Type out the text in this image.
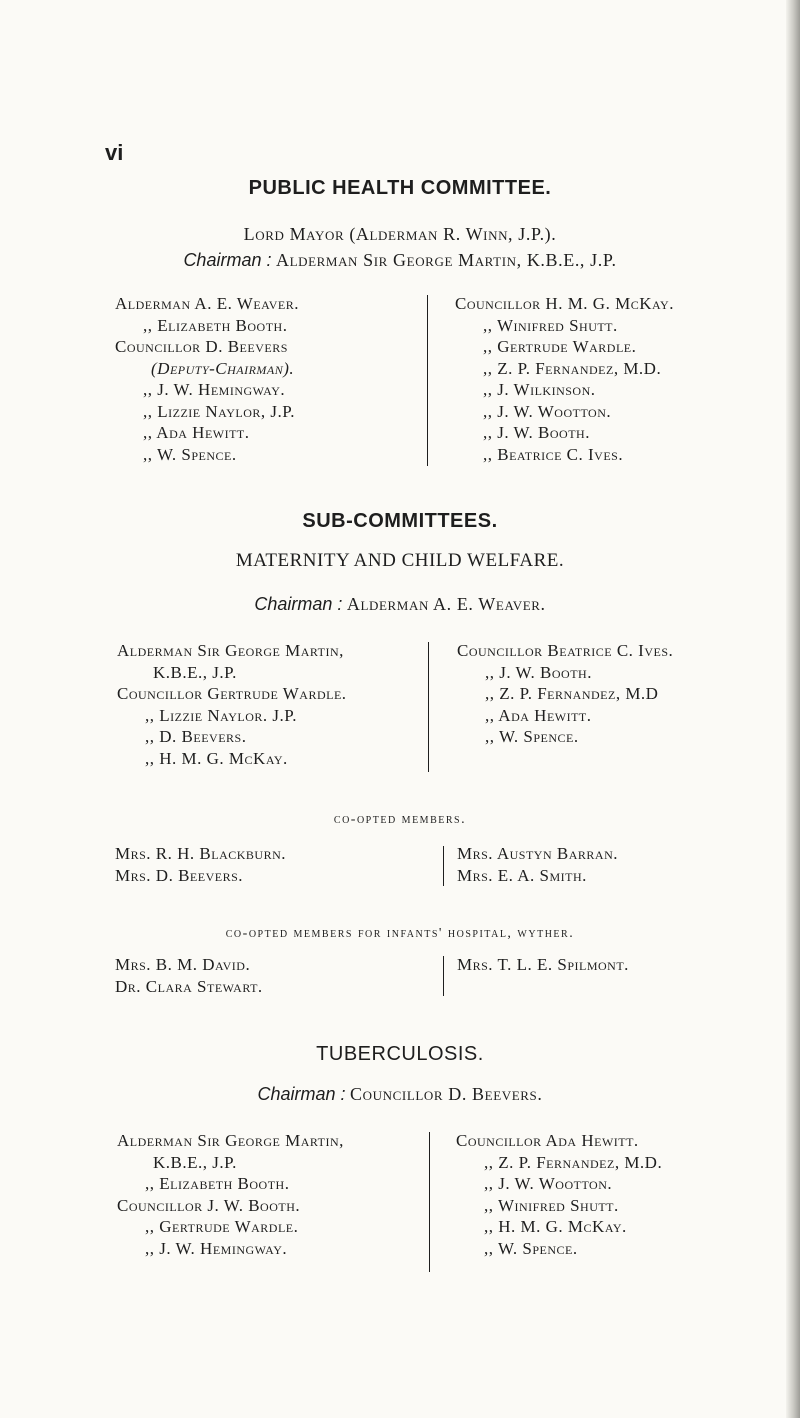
vi
PUBLIC HEALTH COMMITTEE.
Lord Mayor (Alderman R. Winn, J.P.).
Chairman : Alderman Sir George Martin, K.B.E., J.P.
Alderman A. E. Weaver.
,, Elizabeth Booth.
Councillor D. Beevers
(Deputy-Chairman).
,, J. W. Hemingway.
,, Lizzie Naylor, J.P.
,, Ada Hewitt.
,, W. Spence.
Councillor H. M. G. McKay.
,, Winifred Shutt.
,, Gertrude Wardle.
,, Z. P. Fernandez, M.D.
,, J. Wilkinson.
,, J. W. Wootton.
,, J. W. Booth.
,, Beatrice C. Ives.
SUB-COMMITTEES.
MATERNITY AND CHILD WELFARE.
Chairman : Alderman A. E. Weaver.
Alderman Sir George Martin,
K.B.E., J.P.
Councillor Gertrude Wardle.
,, Lizzie Naylor. J.P.
,, D. Beevers.
,, H. M. G. McKay.
Councillor Beatrice C. Ives.
,, J. W. Booth.
,, Z. P. Fernandez, M.D
,, Ada Hewitt.
,, W. Spence.
co-opted members.
Mrs. R. H. Blackburn.
Mrs. D. Beevers.
Mrs. Austyn Barran.
Mrs. E. A. Smith.
co-opted members for infants' hospital, wyther.
Mrs. B. M. David.
Dr. Clara Stewart.
Mrs. T. L. E. Spilmont.
TUBERCULOSIS.
Chairman : Councillor D. Beevers.
Alderman Sir George Martin,
K.B.E., J.P.
,, Elizabeth Booth.
Councillor J. W. Booth.
,, Gertrude Wardle.
,, J. W. Hemingway.
Councillor Ada Hewitt.
,, Z. P. Fernandez, M.D.
,, J. W. Wootton.
,, Winifred Shutt.
,, H. M. G. McKay.
,, W. Spence.
